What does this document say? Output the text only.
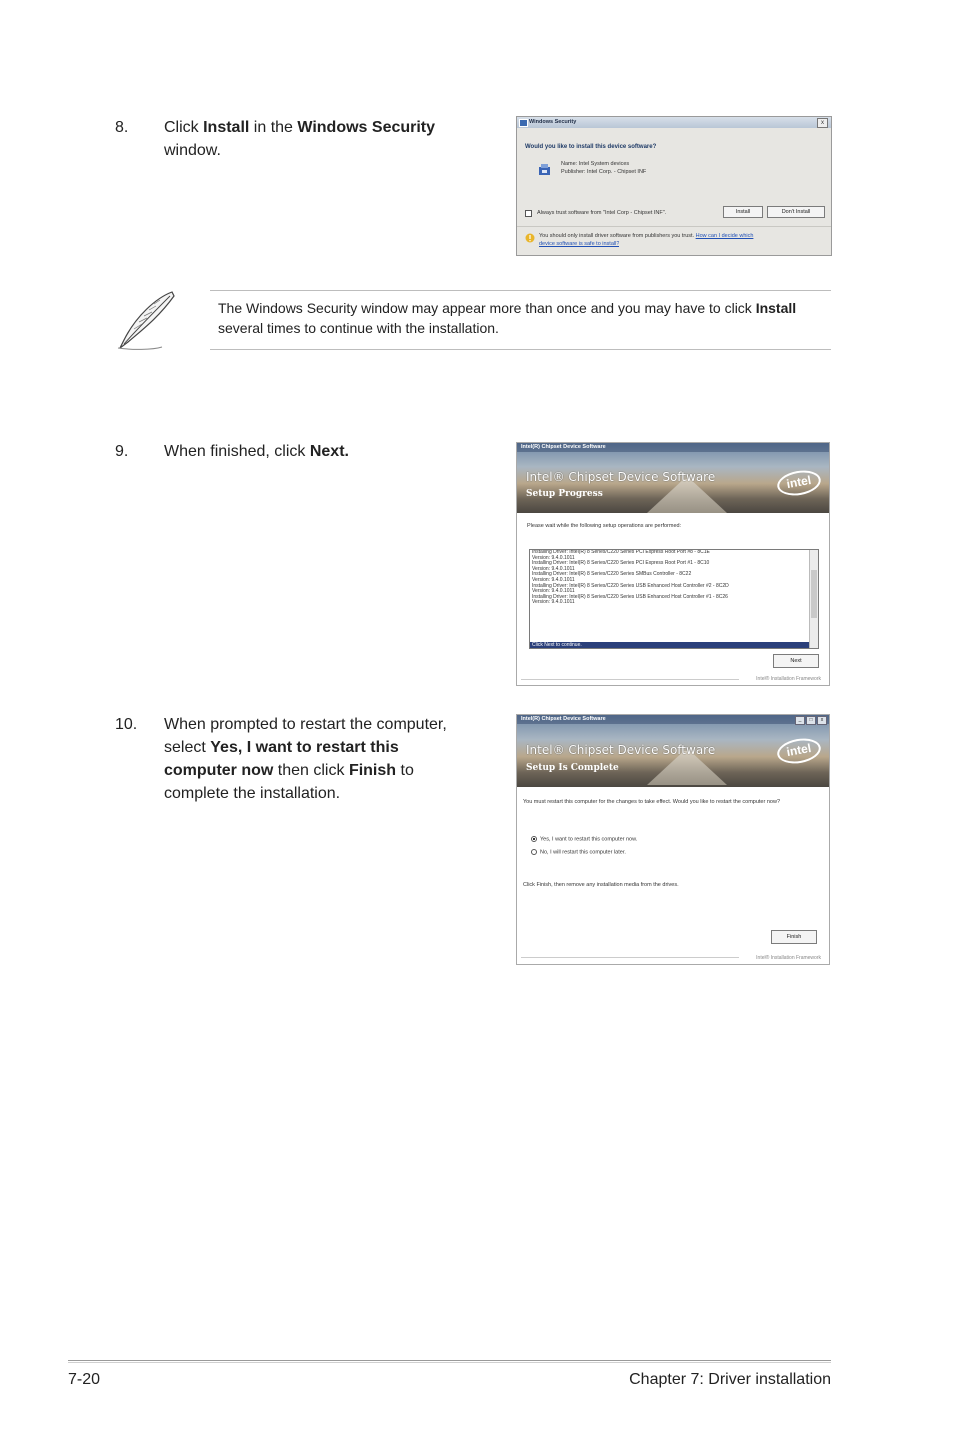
8. Click Install in the Windows Security window.
Windows Security	x
Would you like to install this device software?
Name: Intel System devices
Publisher: Intel Corp. - Chipset INF
Always trust software from "Intel Corp - Chipset INF".	Install	Don't Install
You should only install driver software from publishers you trust. How can I decide which
device software is safe to install?
The Windows Security window may appear more than once and you may have to click Install several times to continue with the installation.
9. When finished, click Next.	Intel(R) Chipset Device Software
Intel® Chipset Device Software
Setup Progress
intel
Please wait while the following setup operations are performed:
Installing Driver: Intel(R) 8 Series/C220 Series PCI Express Root Port #8 - 8C1E
Version: 9.4.0.1011
Installing Driver: Intel(R) 8 Series/C220 Series PCI Express Root Port #1 - 8C10
Version: 9.4.0.1011
Installing Driver: Intel(R) 8 Series/C220 Series SMBus Controller - 8C22
Version: 9.4.0.1011
Installing Driver: Intel(R) 8 Series/C220 Series USB Enhanced Host Controller #2 - 8C2D
Version: 9.4.0.1011
Installing Driver: Intel(R) 8 Series/C220 Series USB Enhanced Host Controller #1 - 8C26
Version: 9.4.0.1011
Click Next to continue.
Next
Intel® Installation Framework
10. When prompted to restart the computer, select Yes, I want to restart this computer now then click Finish to complete the installation.
Intel(R) Chipset Device Software	_	□	x
Intel® Chipset Device Software
Setup Is Complete
intel
You must restart this computer for the changes to take effect. Would you like to restart the computer now?
Yes, I want to restart this computer now.
No, I will restart this computer later.
Click Finish, then remove any installation media from the drives.
Finish
Intel® Installation Framework
7-20	Chapter 7: Driver installation
